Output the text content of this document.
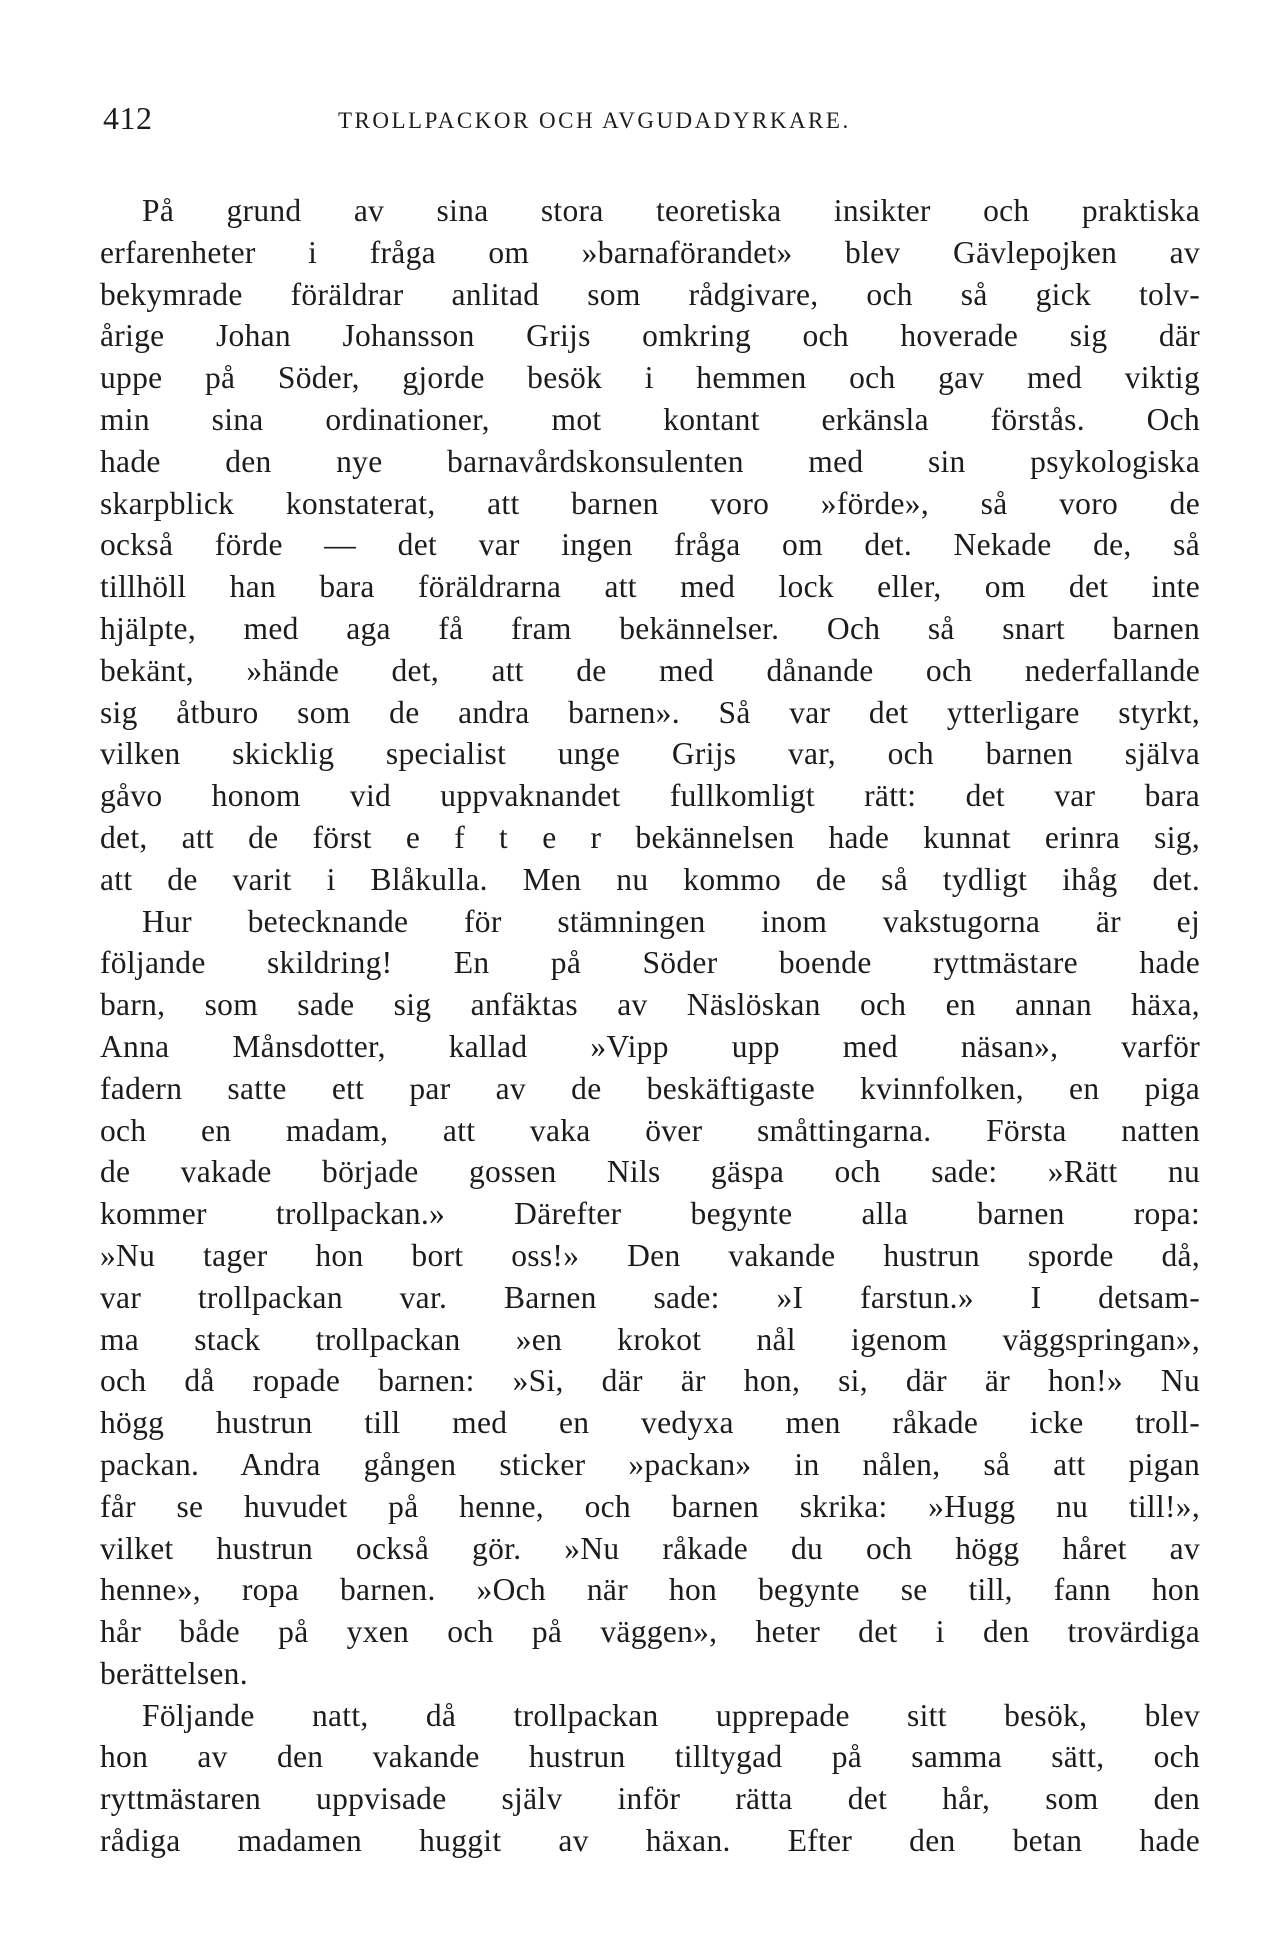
412	TROLLPACKOR OCH AVGUDADYRKARE.
På grund av sina stora teoretiska insikter och praktiska
erfarenheter i fråga om »barnaförandet» blev Gävlepojken av
bekymrade föräldrar anlitad som rådgivare, och så gick tolv-
årige Johan Johansson Grijs omkring och hoverade sig där
uppe på Söder, gjorde besök i hemmen och gav med viktig
min sina ordinationer, mot kontant erkänsla förstås. Och
hade den nye barnavårdskonsulenten med sin psykologiska
skarpblick konstaterat, att barnen voro »förde», så voro de
också förde — det var ingen fråga om det. Nekade de, så
tillhöll han bara föräldrarna att med lock eller, om det inte
hjälpte, med aga få fram bekännelser. Och så snart barnen
bekänt, »hände det, att de med dånande och nederfallande
sig åtburo som de andra barnen». Så var det ytterligare styrkt,
vilken skicklig specialist unge Grijs var, och barnen själva
gåvo honom vid uppvaknandet fullkomligt rätt: det var bara
det, att de först e f t e r bekännelsen hade kunnat erinra sig,
att de varit i Blåkulla. Men nu kommo de så tydligt ihåg det.
Hur betecknande för stämningen inom vakstugorna är ej
följande skildring! En på Söder boende ryttmästare hade
barn, som sade sig anfäktas av Näslöskan och en annan häxa,
Anna Månsdotter, kallad »Vipp upp med näsan», varför
fadern satte ett par av de beskäftigaste kvinnfolken, en piga
och en madam, att vaka över småttingarna. Första natten
de vakade började gossen Nils gäspa och sade: »Rätt nu
kommer trollpackan.» Därefter begynte alla barnen ropa:
»Nu tager hon bort oss!» Den vakande hustrun sporde då,
var trollpackan var. Barnen sade: »I farstun.» I detsam-
ma stack trollpackan »en krokot nål igenom väggspringan»,
och då ropade barnen: »Si, där är hon, si, där är hon!» Nu
högg hustrun till med en vedyxa men råkade icke troll-
packan. Andra gången sticker »packan» in nålen, så att pigan
får se huvudet på henne, och barnen skrika: »Hugg nu till!»,
vilket hustrun också gör. »Nu råkade du och högg håret av
henne», ropa barnen. »Och när hon begynte se till, fann hon
hår både på yxen och på väggen», heter det i den trovärdiga
berättelsen.
Följande natt, då trollpackan upprepade sitt besök, blev
hon av den vakande hustrun tilltygad på samma sätt, och
ryttmästaren uppvisade själv inför rätta det hår, som den
rådiga madamen huggit av häxan. Efter den betan hade
